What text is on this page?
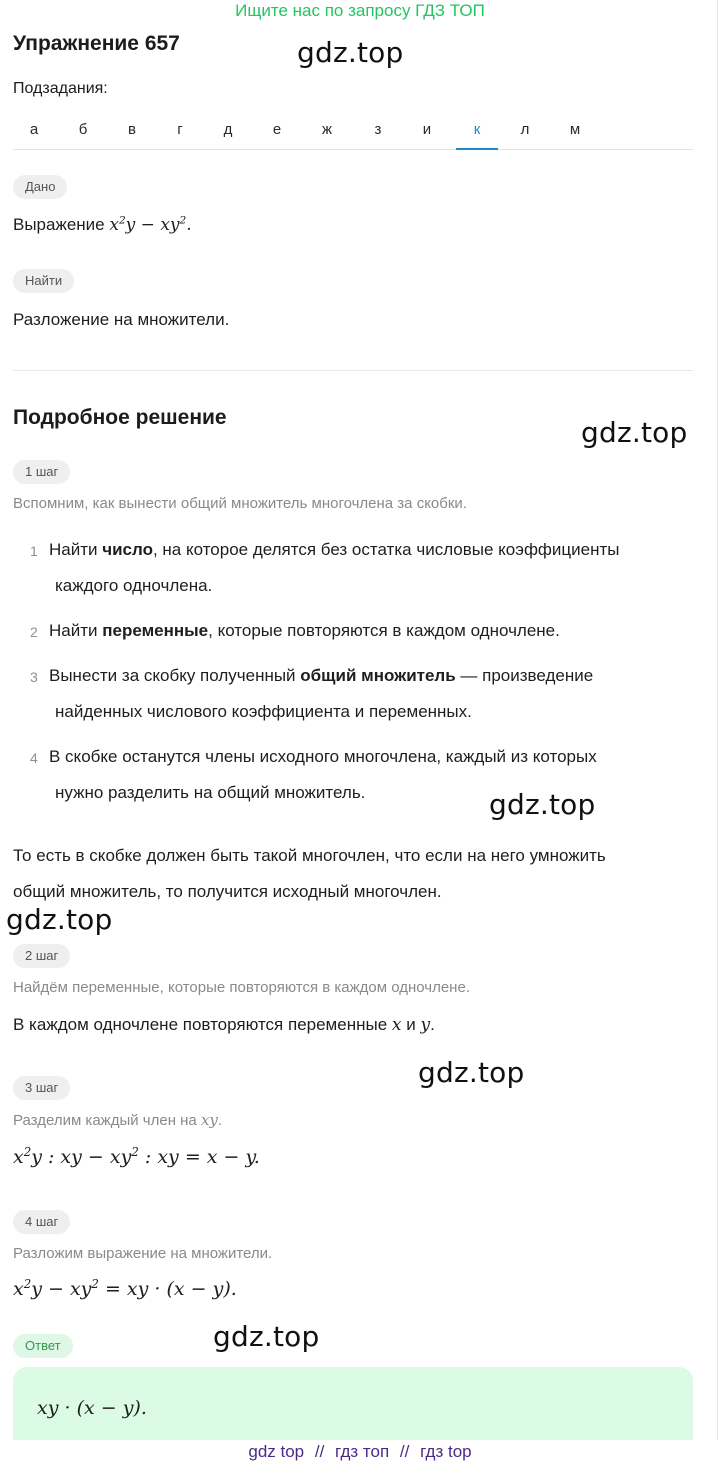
Ищите нас по запросу ГДЗ ТОП
Упражнение 657	gdz.top
Подзадания:
а	б	в	г	д	е	ж	з	и	к	л	м
Дано
Выражение $x^2y - xy^2$.
Найти
Разложение на множители.
Подробное решение	gdz.top
1 шаг
Вспомним, как вынести общий множитель многочлена за скобки.
1 Найти число, на которое делятся без остатка числовые коэффициенты
каждого одночлена.
2 Найти переменные, которые повторяются в каждом одночлене.
3 Вынести за скобку полученный общий множитель — произведение
найденных числового коэффициента и переменных.
4 В скобке останутся члены исходного многочлена, каждый из которых
нужно разделить на общий множитель.	gdz.top
То есть в скобке должен быть такой многочлен, что если на него умножить
общий множитель, то получится исходный многочлен.
gdz.top
2 шаг
Найдём переменные, которые повторяются в каждом одночлене.
В каждом одночлене повторяются переменные x и y.
gdz.top
3 шаг
Разделим каждый член на xy.
$x^2y$ : xy − $xy^2$ : xy = x − y.
4 шаг
Разложим выражение на множители.
$x^2y - xy^2$ = xy · (x − y).
gdz.top
Ответ
xy · (x − y).
gdz top // гдз топ // гдз top
